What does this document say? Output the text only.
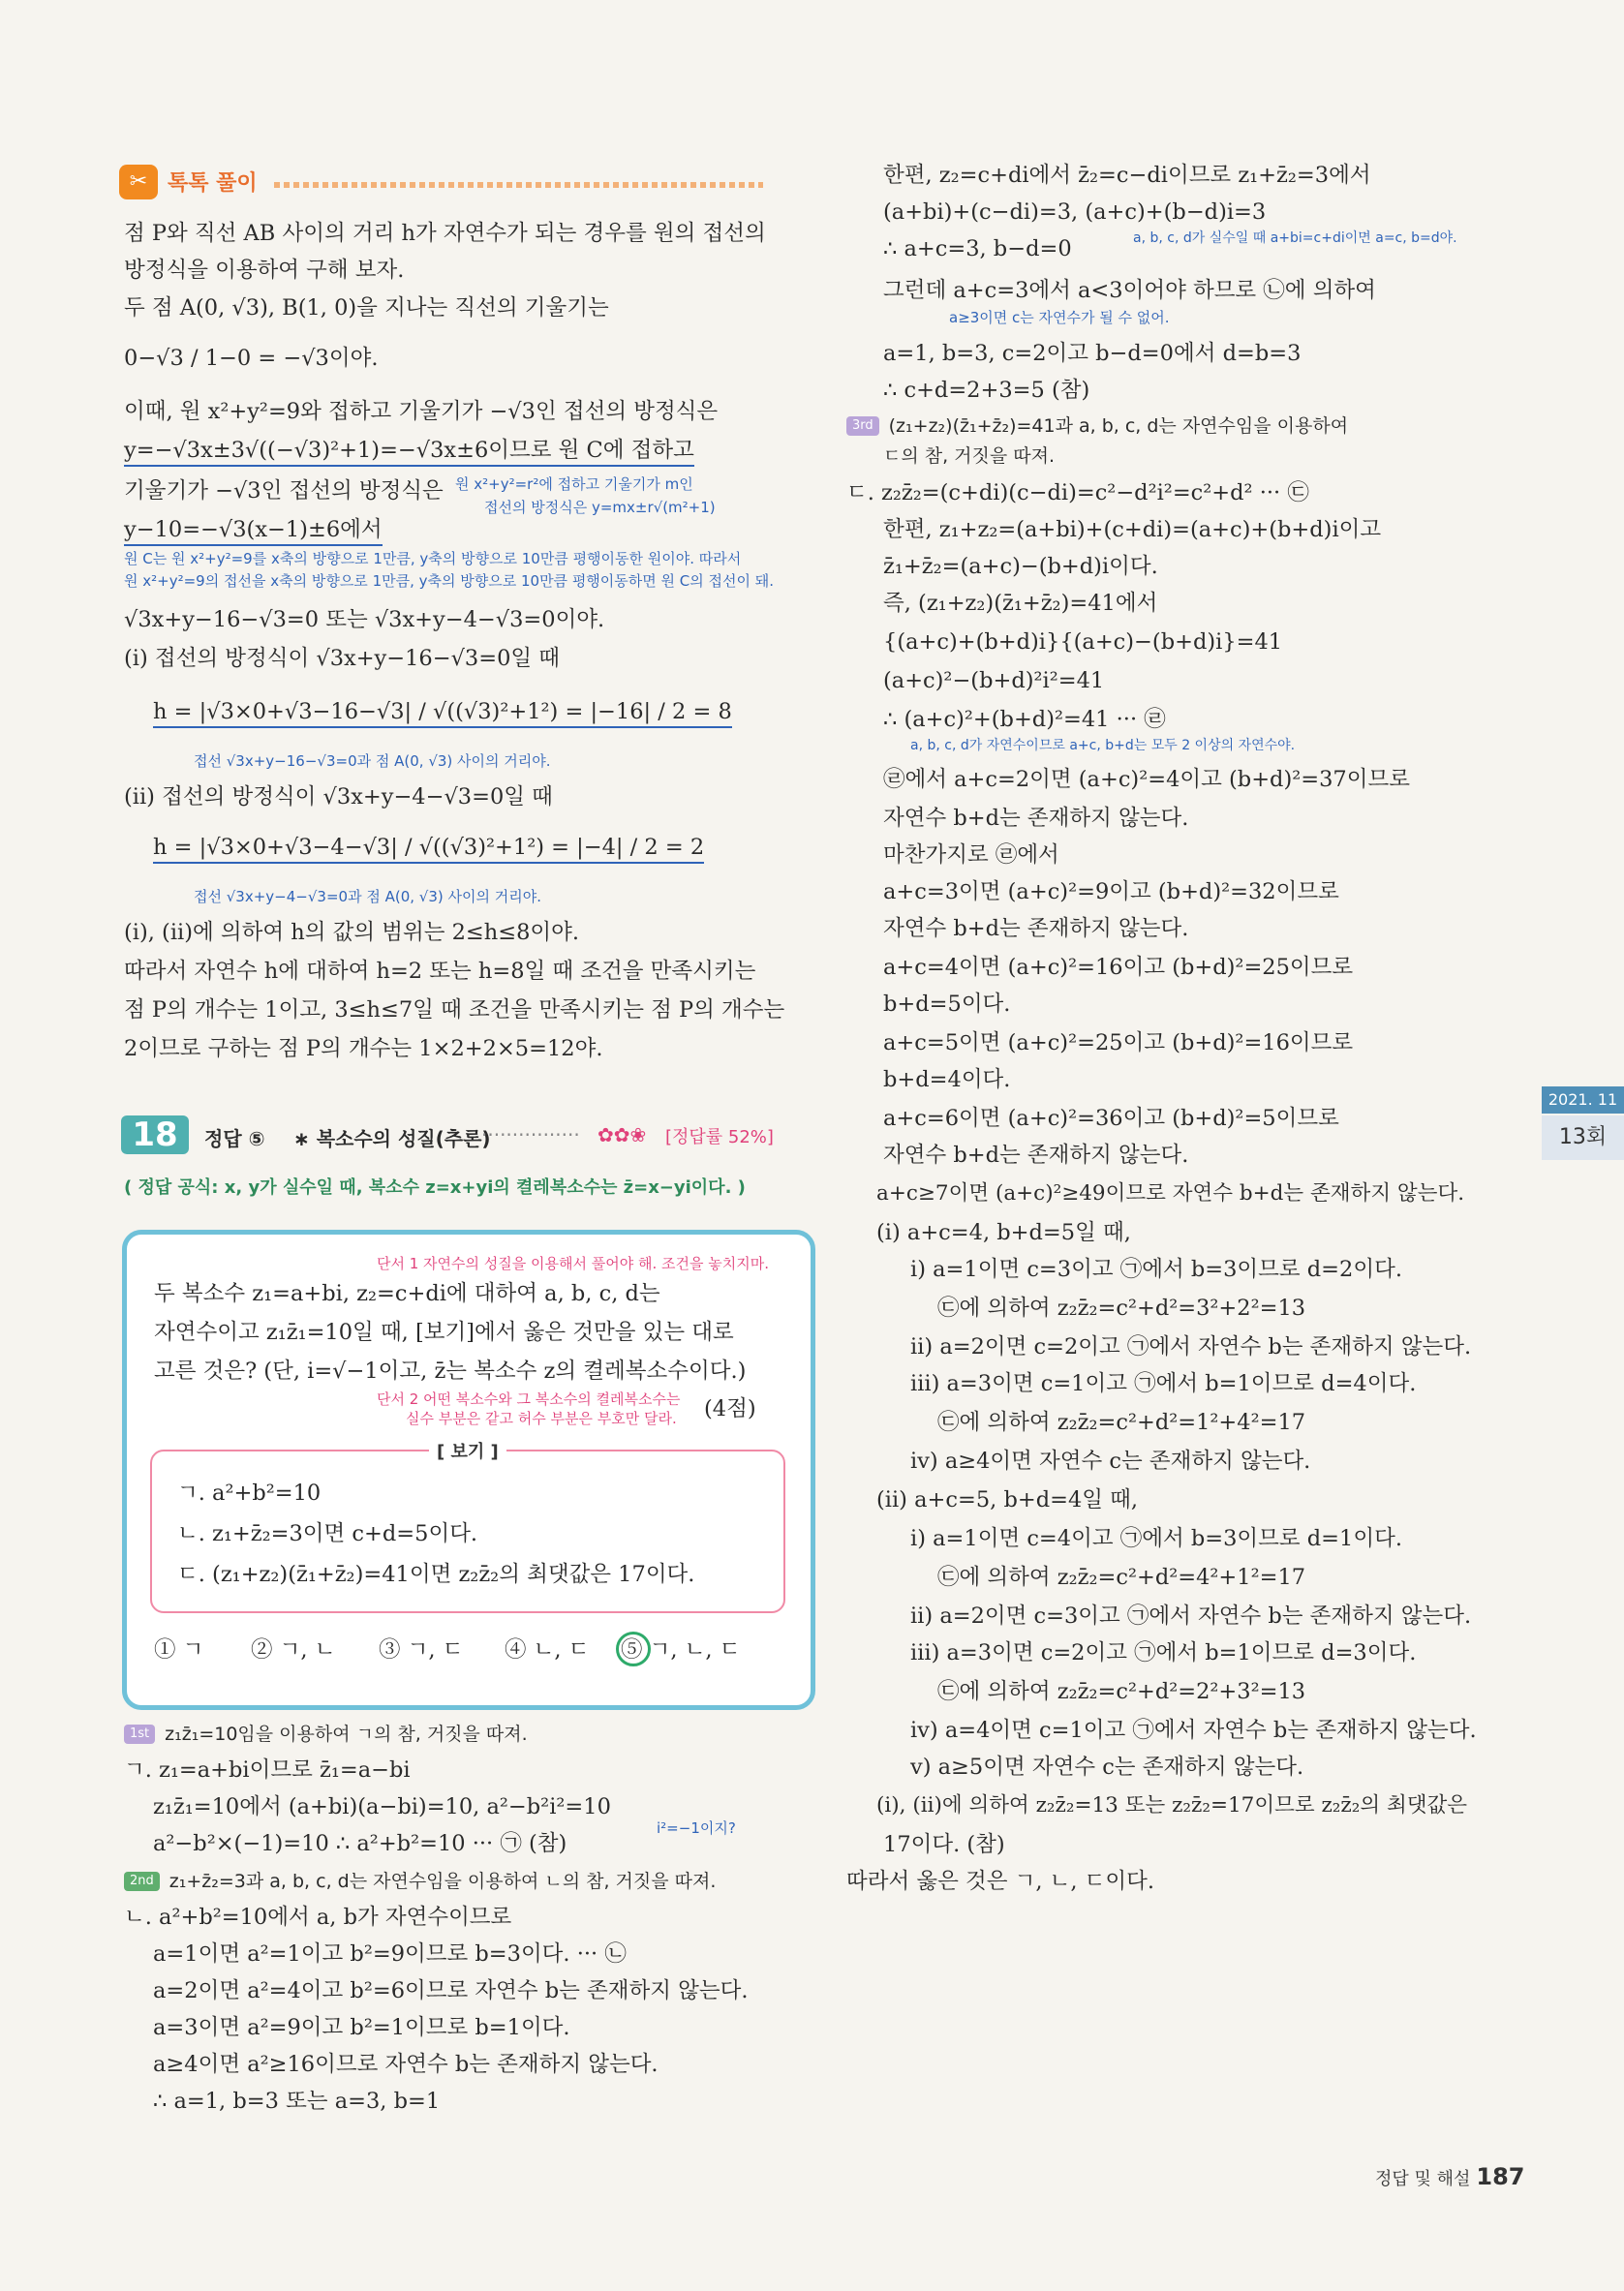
✂ 톡톡 풀이
점 P와 직선 AB 사이의 거리 h가 자연수가 되는 경우를 원의 접선의
방정식을 이용하여 구해 보자.
두 점 A(0, √3), B(1, 0)을 지나는 직선의 기울기는
0−√3 / 1−0 = −√3이야.
이때, 원 x²+y²=9와 접하고 기울기가 −√3인 접선의 방정식은
y=−√3x±3√((−√3)²+1)=−√3x±6이므로 원 C에 접하고
기울기가 −√3인 접선의 방정식은 원 x²+y²=r²에 접하고 기울기가 m인
접선의 방정식은 y=mx±r√(m²+1)
y−10=−√3(x−1)±6에서
원 C는 원 x²+y²=9를 x축의 방향으로 1만큼, y축의 방향으로 10만큼 평행이동한 원이야. 따라서
원 x²+y²=9의 접선을 x축의 방향으로 1만큼, y축의 방향으로 10만큼 평행이동하면 원 C의 접선이 돼.
√3x+y−16−√3=0 또는 √3x+y−4−√3=0이야.
(i) 접선의 방정식이 √3x+y−16−√3=0일 때
h = |√3×0+√3−16−√3| / √((√3)²+1²) = |−16| / 2 = 8
접선 √3x+y−16−√3=0과 점 A(0, √3) 사이의 거리야.
(ii) 접선의 방정식이 √3x+y−4−√3=0일 때
h = |√3×0+√3−4−√3| / √((√3)²+1²) = |−4| / 2 = 2
접선 √3x+y−4−√3=0과 점 A(0, √3) 사이의 거리야.
(i), (ii)에 의하여 h의 값의 범위는 2≤h≤8이야.
따라서 자연수 h에 대하여 h=2 또는 h=8일 때 조건을 만족시키는
점 P의 개수는 1이고, 3≤h≤7일 때 조건을 만족시키는 점 P의 개수는
2이므로 구하는 점 P의 개수는 1×2+2×5=12야.
18	정답 ⑤ ∗ 복소수의 성질(추론)
················ ✿✿❀ [정답률 52%]
( 정답 공식: x, y가 실수일 때, 복소수 z=x+yi의 켤레복소수는 z̄=x−yi이다. )
단서 1 자연수의 성질을 이용해서 풀어야 해. 조건을 놓치지마.
두 복소수 z₁=a+bi, z₂=c+di에 대하여 a, b, c, d는
자연수이고 z₁z̄₁=10일 때, [보기]에서 옳은 것만을 있는 대로
고른 것은? (단, i=√−1이고, z̄는 복소수 z의 켤레복소수이다.)
단서 2 어떤 복소수와 그 복소수의 켤레복소수는
실수 부분은 같고 허수 부분은 부호만 달라. (4점)
[ 보기 ]
ㄱ. a²+b²=10
ㄴ. z₁+z̄₂=3이면 c+d=5이다.
ㄷ. (z₁+z₂)(z̄₁+z̄₂)=41이면 z₂z̄₂의 최댓값은 17이다.
① ㄱ ② ㄱ, ㄴ ③ ㄱ, ㄷ ④ ㄴ, ㄷ ⑤ ㄱ, ㄴ, ㄷ
1st z₁z̄₁=10임을 이용하여 ㄱ의 참, 거짓을 따져.
ㄱ. z₁=a+bi이므로 z̄₁=a−bi
z₁z̄₁=10에서 (a+bi)(a−bi)=10, a²−b²i²=10
a²−b²×(−1)=10 ∴ a²+b²=10 ··· ㉠ (참)
i²=−1이지?
2nd z₁+z̄₂=3과 a, b, c, d는 자연수임을 이용하여 ㄴ의 참, 거짓을 따져.
ㄴ. a²+b²=10에서 a, b가 자연수이므로
a=1이면 a²=1이고 b²=9이므로 b=3이다. ··· ㉡
a=2이면 a²=4이고 b²=6이므로 자연수 b는 존재하지 않는다.
a=3이면 a²=9이고 b²=1이므로 b=1이다.
a≥4이면 a²≥16이므로 자연수 b는 존재하지 않는다.
∴ a=1, b=3 또는 a=3, b=1
한편, z₂=c+di에서 z̄₂=c−di이므로 z₁+z̄₂=3에서
(a+bi)+(c−di)=3, (a+c)+(b−d)i=3
∴ a+c=3, b−d=0	a, b, c, d가 실수일 때 a+bi=c+di이면 a=c, b=d야.
그런데 a+c=3에서 a<3이어야 하므로 ㉡에 의하여
a≥3이면 c는 자연수가 될 수 없어.
a=1, b=3, c=2이고 b−d=0에서 d=b=3
∴ c+d=2+3=5 (참)
3rd (z₁+z₂)(z̄₁+z̄₂)=41과 a, b, c, d는 자연수임을 이용하여
ㄷ의 참, 거짓을 따져.
ㄷ. z₂z̄₂=(c+di)(c−di)=c²−d²i²=c²+d² ··· ㉢
한편, z₁+z₂=(a+bi)+(c+di)=(a+c)+(b+d)i이고
z̄₁+z̄₂=(a+c)−(b+d)i이다.
즉, (z₁+z₂)(z̄₁+z̄₂)=41에서
{(a+c)+(b+d)i}{(a+c)−(b+d)i}=41
(a+c)²−(b+d)²i²=41
∴ (a+c)²+(b+d)²=41 ··· ㉣
a, b, c, d가 자연수이므로 a+c, b+d는 모두 2 이상의 자연수야.
㉣에서 a+c=2이면 (a+c)²=4이고 (b+d)²=37이므로
자연수 b+d는 존재하지 않는다.
마찬가지로 ㉣에서
a+c=3이면 (a+c)²=9이고 (b+d)²=32이므로
자연수 b+d는 존재하지 않는다.
a+c=4이면 (a+c)²=16이고 (b+d)²=25이므로
b+d=5이다.
a+c=5이면 (a+c)²=25이고 (b+d)²=16이므로
b+d=4이다.
a+c=6이면 (a+c)²=36이고 (b+d)²=5이므로
자연수 b+d는 존재하지 않는다.
a+c≥7이면 (a+c)²≥49이므로 자연수 b+d는 존재하지 않는다.
(i) a+c=4, b+d=5일 때,
ⅰ) a=1이면 c=3이고 ㉠에서 b=3이므로 d=2이다.
㉢에 의하여 z₂z̄₂=c²+d²=3²+2²=13
ⅱ) a=2이면 c=2이고 ㉠에서 자연수 b는 존재하지 않는다.
ⅲ) a=3이면 c=1이고 ㉠에서 b=1이므로 d=4이다.
㉢에 의하여 z₂z̄₂=c²+d²=1²+4²=17
ⅳ) a≥4이면 자연수 c는 존재하지 않는다.
(ii) a+c=5, b+d=4일 때,
ⅰ) a=1이면 c=4이고 ㉠에서 b=3이므로 d=1이다.
㉢에 의하여 z₂z̄₂=c²+d²=4²+1²=17
ⅱ) a=2이면 c=3이고 ㉠에서 자연수 b는 존재하지 않는다.
ⅲ) a=3이면 c=2이고 ㉠에서 b=1이므로 d=3이다.
㉢에 의하여 z₂z̄₂=c²+d²=2²+3²=13
ⅳ) a=4이면 c=1이고 ㉠에서 자연수 b는 존재하지 않는다.
ⅴ) a≥5이면 자연수 c는 존재하지 않는다.
(i), (ii)에 의하여 z₂z̄₂=13 또는 z₂z̄₂=17이므로 z₂z̄₂의 최댓값은
17이다. (참)
따라서 옳은 것은 ㄱ, ㄴ, ㄷ이다.
2021. 11
13회
정답 및 해설 187
